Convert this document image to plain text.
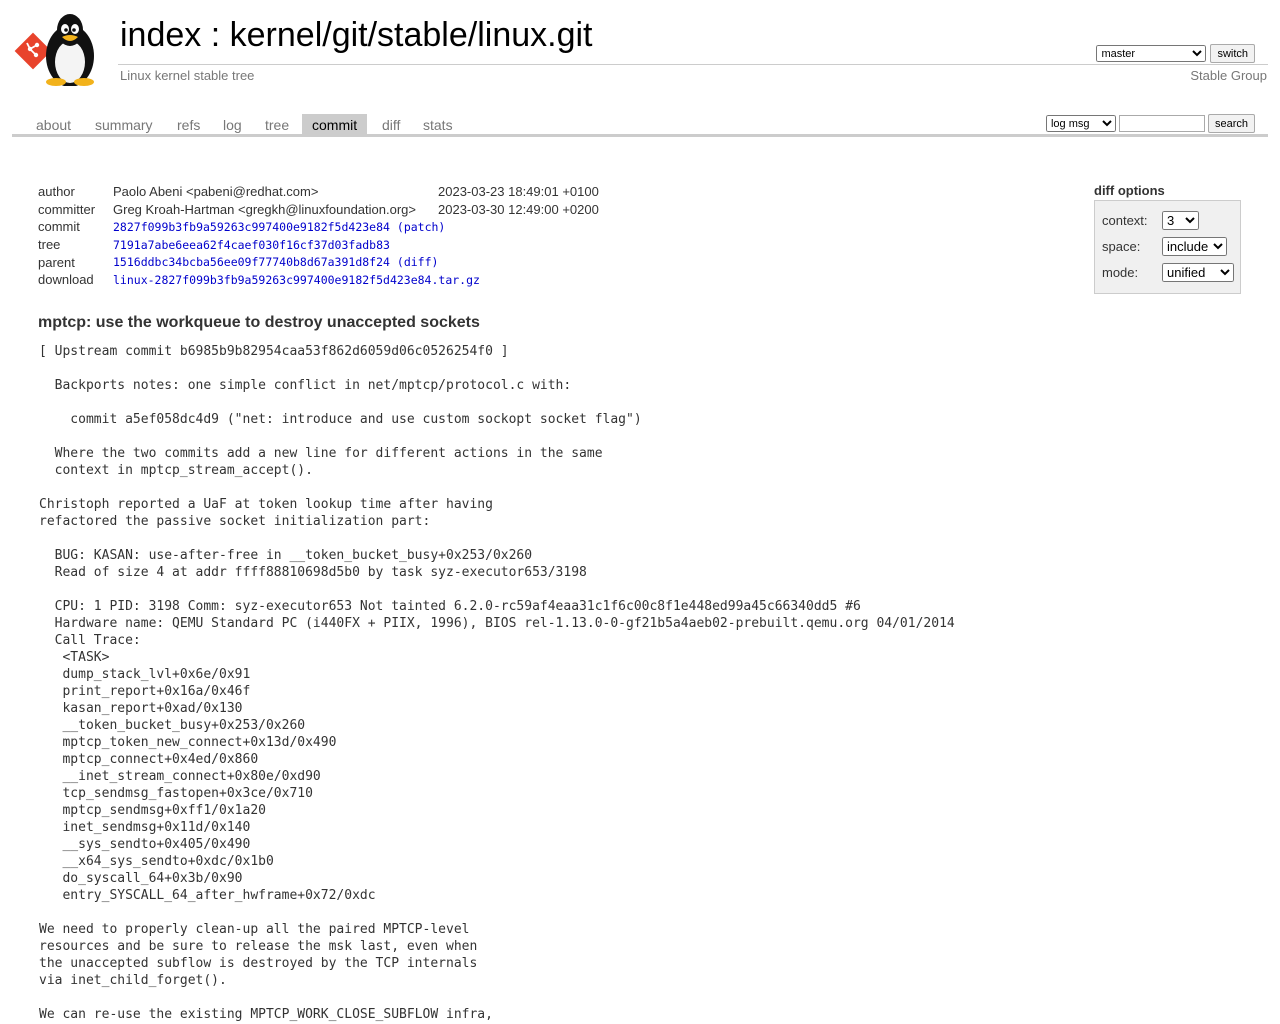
index : kernel/git/stable/linux.git
Linux kernel stable tree	Stable Group
master
switch
about	summary	refs	log	tree	commit	diff	stats
log msg	search
author	Paolo Abeni <pabeni@redhat.com>	2023-03-23 18:49:01 +0100
committer	Greg Kroah-Hartman <gregkh@linuxfoundation.org>	2023-03-30 12:49:00 +0200
commit	2827f099b3fb9a59263c997400e9182f5d423e84 (patch)	
tree	7191a7abe6eea62f4caef030f16cf37d03fadb83	
parent	1516ddbc34bcba56ee09f77740b8d67a391d8f24 (diff)	
download	linux-2827f099b3fb9a59263c997400e9182f5d423e84.tar.gz	
diff options
context:
3
space:
include
mode:
unified
mptcp: use the workqueue to destroy unaccepted sockets
[ Upstream commit b6985b9b82954caa53f862d6059d06c0526254f0 ]

Backports notes: one simple conflict in net/mptcp/protocol.c with:

commit a5ef058dc4d9 ("net: introduce and use custom sockopt socket flag")

Where the two commits add a new line for different actions in the same
context in mptcp_stream_accept().

Christoph reported a UaF at token lookup time after having
refactored the passive socket initialization part:

BUG: KASAN: use-after-free in __token_bucket_busy+0x253/0x260
Read of size 4 at addr ffff88810698d5b0 by task syz-executor653/3198

CPU: 1 PID: 3198 Comm: syz-executor653 Not tainted 6.2.0-rc59af4eaa31c1f6c00c8f1e448ed99a45c66340dd5 #6
Hardware name: QEMU Standard PC (i440FX + PIIX, 1996), BIOS rel-1.13.0-0-gf21b5a4aeb02-prebuilt.qemu.org 04/01/2014
Call Trace:
<TASK>
dump_stack_lvl+0x6e/0x91
print_report+0x16a/0x46f
kasan_report+0xad/0x130
__token_bucket_busy+0x253/0x260
mptcp_token_new_connect+0x13d/0x490
mptcp_connect+0x4ed/0x860
__inet_stream_connect+0x80e/0xd90
tcp_sendmsg_fastopen+0x3ce/0x710
mptcp_sendmsg+0xff1/0x1a20
inet_sendmsg+0x11d/0x140
__sys_sendto+0x405/0x490
__x64_sys_sendto+0xdc/0x1b0
do_syscall_64+0x3b/0x90
entry_SYSCALL_64_after_hwframe+0x72/0xdc

We need to properly clean-up all the paired MPTCP-level
resources and be sure to release the msk last, even when
the unaccepted subflow is destroyed by the TCP internals
via inet_child_forget().

We can re-use the existing MPTCP_WORK_CLOSE_SUBFLOW infra,
